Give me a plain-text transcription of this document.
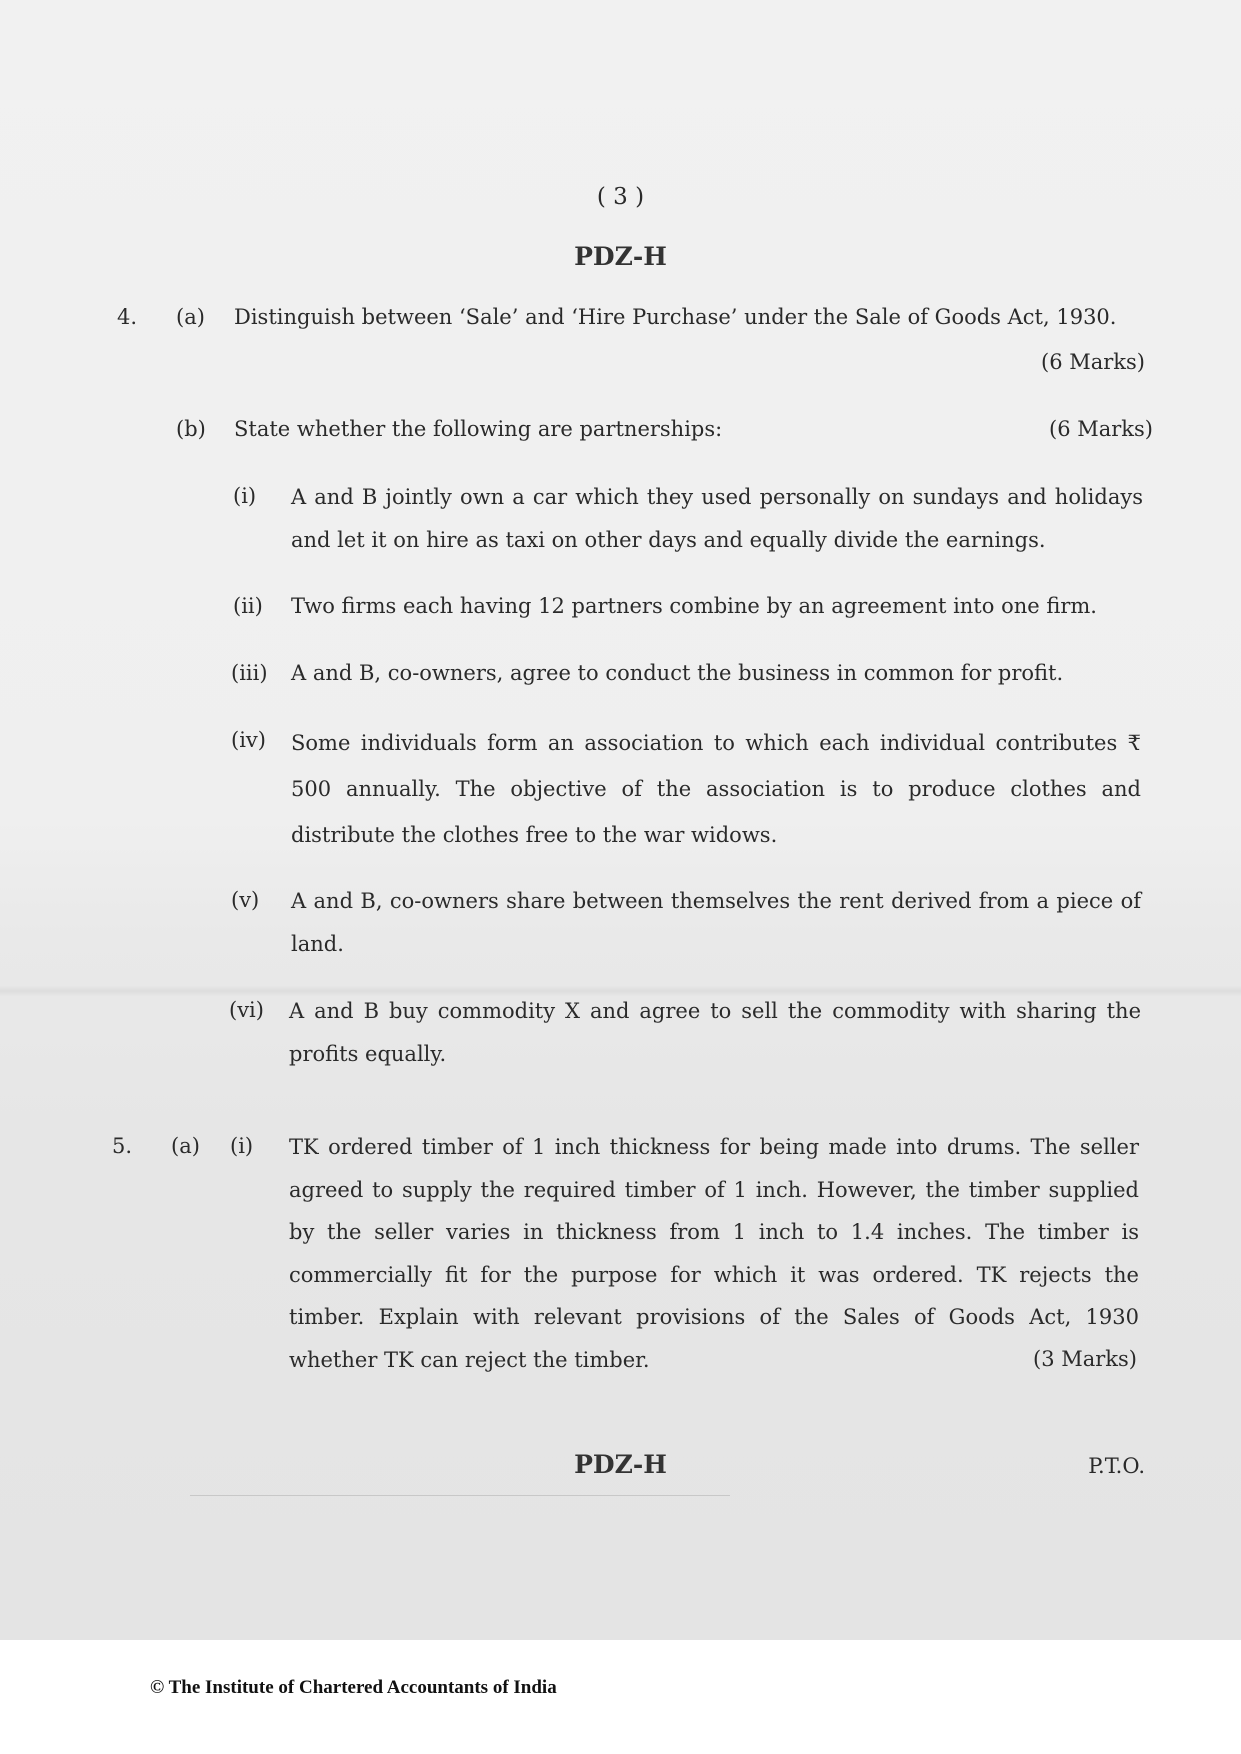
( 3 )
PDZ-H
4. (a) Distinguish between ‘Sale’ and ‘Hire Purchase’ under the Sale of Goods Act, 1930.
(6 Marks)
(b) State whether the following are partnerships:	(6 Marks)
(i) A and B jointly own a car which they used personally on sundays and holidays and let it on hire as taxi on other days and equally divide the earnings.
(ii) Two firms each having 12 partners combine by an agreement into one firm.
(iii) A and B, co-owners, agree to conduct the business in common for profit.
(iv) Some individuals form an association to which each individual contributes ₹ 500 annually. The objective of the association is to produce clothes and distribute the clothes free to the war widows.
(v) A and B, co-owners share between themselves the rent derived from a piece of land.
(vi) A and B buy commodity X and agree to sell the commodity with sharing the profits equally.
5. (a) (i) TK ordered timber of 1 inch thickness for being made into drums. The seller agreed to supply the required timber of 1 inch. However, the timber supplied by the seller varies in thickness from 1 inch to 1.4 inches. The timber is commercially fit for the purpose for which it was ordered. TK rejects the timber. Explain with relevant provisions of the Sales of Goods Act, 1930 whether TK can reject the timber.	(3 Marks)
PDZ-H	P.T.O.
© The Institute of Chartered Accountants of India
